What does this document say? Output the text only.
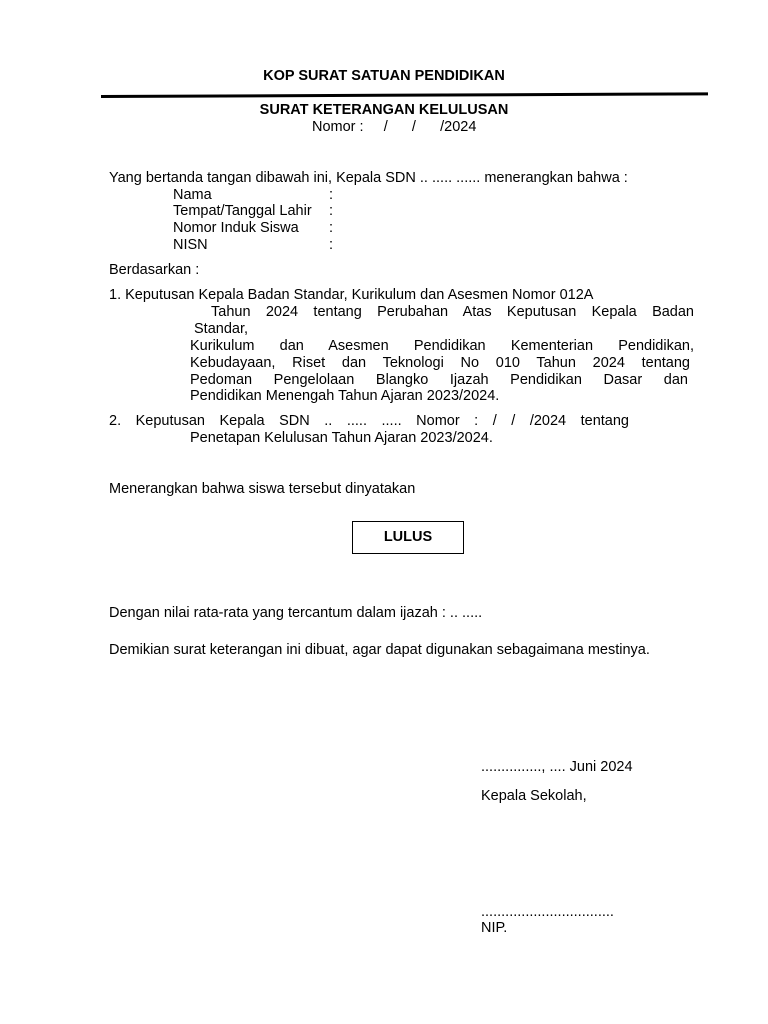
KOP SURAT SATUAN PENDIDIKAN
SURAT KETERANGAN KELULUSAN
Nomor :     /      /      /2024
Yang bertanda tangan dibawah ini, Kepala SDN .. ..... ...... menerangkan bahwa :
Nama	:
Tempat/Tanggal Lahir :
Nomor Induk Siswa :
NISN	:
Berdasarkan :
1. Keputusan Kepala Badan Standar, Kurikulum dan Asesmen Nomor 012A
Tahun 2024 tentang Perubahan Atas Keputusan Kepala Badan
Standar,
Kurikulum dan Asesmen Pendidikan Kementerian Pendidikan,
Kebudayaan, Riset dan Teknologi No 010 Tahun 2024 tentang
Pedoman Pengelolaan Blangko Ijazah Pendidikan Dasar dan
Pendidikan Menengah Tahun Ajaran 2023/2024.
2. Keputusan Kepala SDN .. ..... ..... Nomor : / / /2024 tentang
Penetapan Kelulusan Tahun Ajaran 2023/2024.
Menerangkan bahwa siswa tersebut dinyatakan
LULUS
Dengan nilai rata-rata yang tercantum dalam ijazah : .. .....
Demikian surat keterangan ini dibuat, agar dapat digunakan sebagaimana mestinya.
..............., .... Juni 2024
Kepala Sekolah,
.................................
NIP.
